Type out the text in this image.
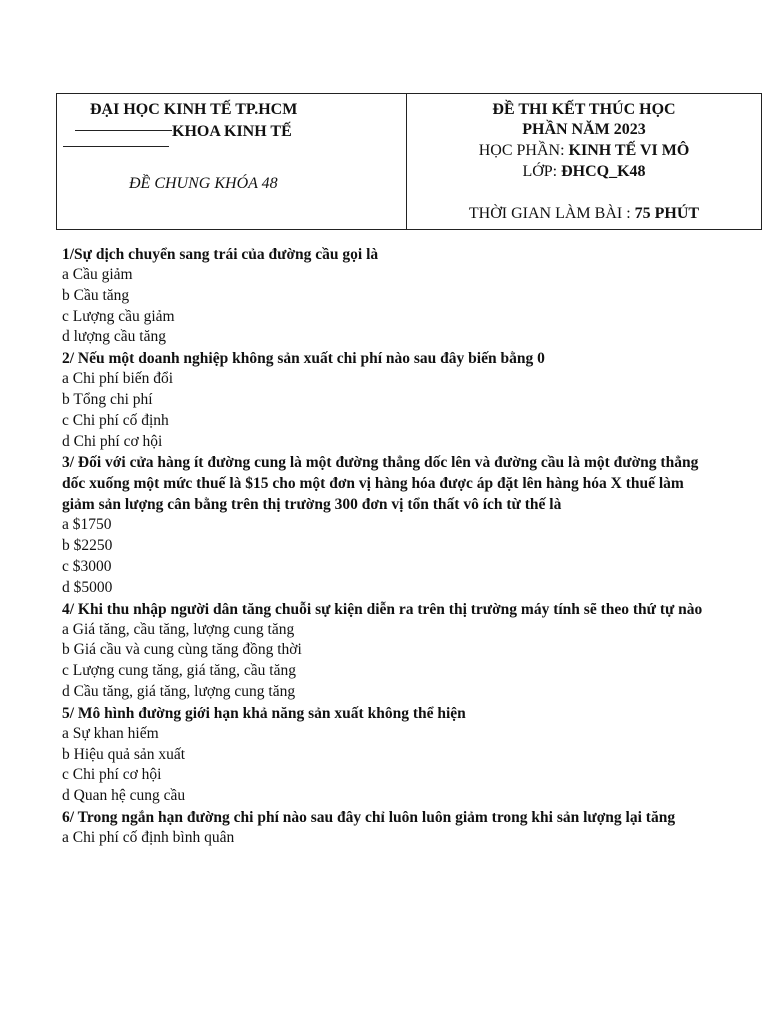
ĐẠI HỌC KINH TẾ TP.HCM
KHOA KINH TẾ
ĐỀ CHUNG KHÓA 48
ĐỀ THI KẾT THÚC HỌC
PHẦN NĂM 2023
HỌC PHẦN: KINH TẾ VI MÔ
LỚP: ĐHCQ_K48
THỜI GIAN LÀM BÀI : 75 PHÚT

1/Sự dịch chuyển sang trái của đường cầu gọi là

a Cầu giảm

b Cầu tăng

c Lượng cầu giảm

d lượng cầu tăng

2/ Nếu một doanh nghiệp không sản xuất chi phí nào sau đây biến bằng 0

a Chi phí biến đổi

b Tổng chi phí

c Chi phí cố định

d Chi phí cơ hội

3/ Đối với cửa hàng ít đường cung là một đường thẳng dốc lên và đường cầu là một đường thẳng dốc xuống một mức thuế là $15 cho một đơn vị hàng hóa được áp đặt lên hàng hóa X thuế làm giảm sản lượng cân bằng trên thị trường 300 đơn vị tổn thất vô ích từ thế là

a $1750

b $2250

c $3000

d $5000

4/ Khi thu nhập người dân tăng chuỗi sự kiện diễn ra trên thị trường máy tính sẽ theo thứ tự nào

a Giá tăng, cầu tăng, lượng cung tăng

b Giá cầu và cung cùng tăng đồng thời

c Lượng cung tăng, giá tăng, cầu tăng

d Cầu tăng, giá tăng, lượng cung tăng

5/ Mô hình đường giới hạn khả năng sản xuất không thể hiện

a Sự khan hiếm

b Hiệu quả sản xuất

c Chi phí cơ hội

d Quan hệ cung cầu

6/ Trong ngắn hạn đường chi phí nào sau đây chỉ luôn luôn giảm trong khi sản lượng lại tăng

a Chi phí cố định bình quân
